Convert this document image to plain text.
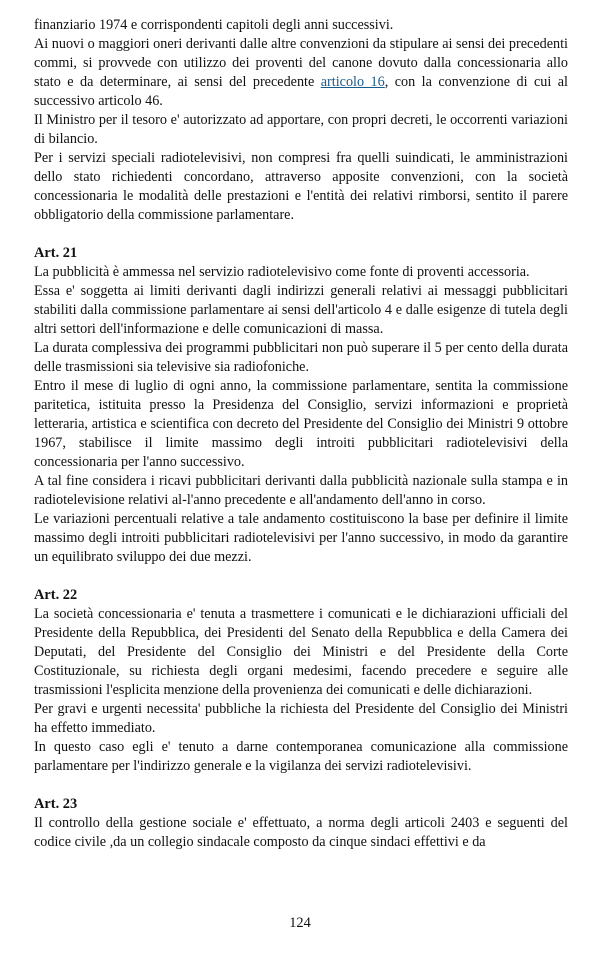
finanziario 1974 e corrispondenti capitoli degli anni successivi.

Ai nuovi o maggiori oneri derivanti dalle altre convenzioni da stipulare ai sensi dei precedenti commi, si provvede con utilizzo dei proventi del canone dovuto dalla concessionaria allo stato e da determinare, ai sensi del precedente articolo 16, con la convenzione di cui al successivo articolo 46.

Il Ministro per il tesoro e' autorizzato ad apportare, con propri decreti, le occorrenti variazioni di bilancio.

Per i servizi speciali radiotelevisivi, non compresi fra quelli suindicati, le amministrazioni dello stato richiedenti concordano, attraverso apposite convenzioni, con la società concessionaria le modalità delle prestazioni e l'entità dei relativi rimborsi, sentito il parere obbligatorio della commissione parlamentare.

Art. 21

La pubblicità è ammessa nel servizio radiotelevisivo come fonte di proventi accessoria.

Essa e' soggetta ai limiti derivanti dagli indirizzi generali relativi ai messaggi pubblicitari stabiliti dalla commissione parlamentare ai sensi dell'articolo 4 e dalle esigenze di tutela degli altri settori dell'informazione e delle comunicazioni di massa.

La durata complessiva dei programmi pubblicitari non può superare il 5 per cento della durata delle trasmissioni sia televisive sia radiofoniche.

Entro il mese di luglio di ogni anno, la commissione parlamentare, sentita la commissione paritetica, istituita presso la Presidenza del Consiglio, servizi informazioni e proprietà letteraria, artistica e scientifica con decreto del Presidente del Consiglio dei Ministri 9 ottobre 1967, stabilisce il limite massimo degli introiti pubblicitari radiotelevisivi della concessionaria per l'anno successivo.

A tal fine considera i ricavi pubblicitari derivanti dalla pubblicità nazionale sulla stampa e in radiotelevisione relativi al-l'anno precedente e all'andamento dell'anno in corso.

Le variazioni percentuali relative a tale andamento costituiscono la base per definire il limite massimo degli introiti pubblicitari radiotelevisivi per l'anno successivo, in modo da garantire un equilibrato sviluppo dei due mezzi.

Art. 22

La società concessionaria e' tenuta a trasmettere i comunicati e le dichiarazioni ufficiali del Presidente della Repubblica, dei Presidenti del Senato della Repubblica e della Camera dei Deputati, del Presidente del Consiglio dei Ministri e del Presidente della Corte Costituzionale, su richiesta degli organi medesimi, facendo precedere e seguire alle trasmissioni l'esplicita menzione della provenienza dei comunicati e delle dichiarazioni.

Per gravi e urgenti necessita' pubbliche la richiesta del Presidente del Consiglio dei Ministri ha effetto immediato.

In questo caso egli e' tenuto a darne contemporanea comunicazione alla commissione parlamentare per l'indirizzo generale e la vigilanza dei servizi radiotelevisivi.

Art. 23

Il controllo della gestione sociale e' effettuato, a norma degli articoli 2403 e seguenti del codice civile ,da un collegio sindacale composto da cinque sindaci effettivi e da

124
